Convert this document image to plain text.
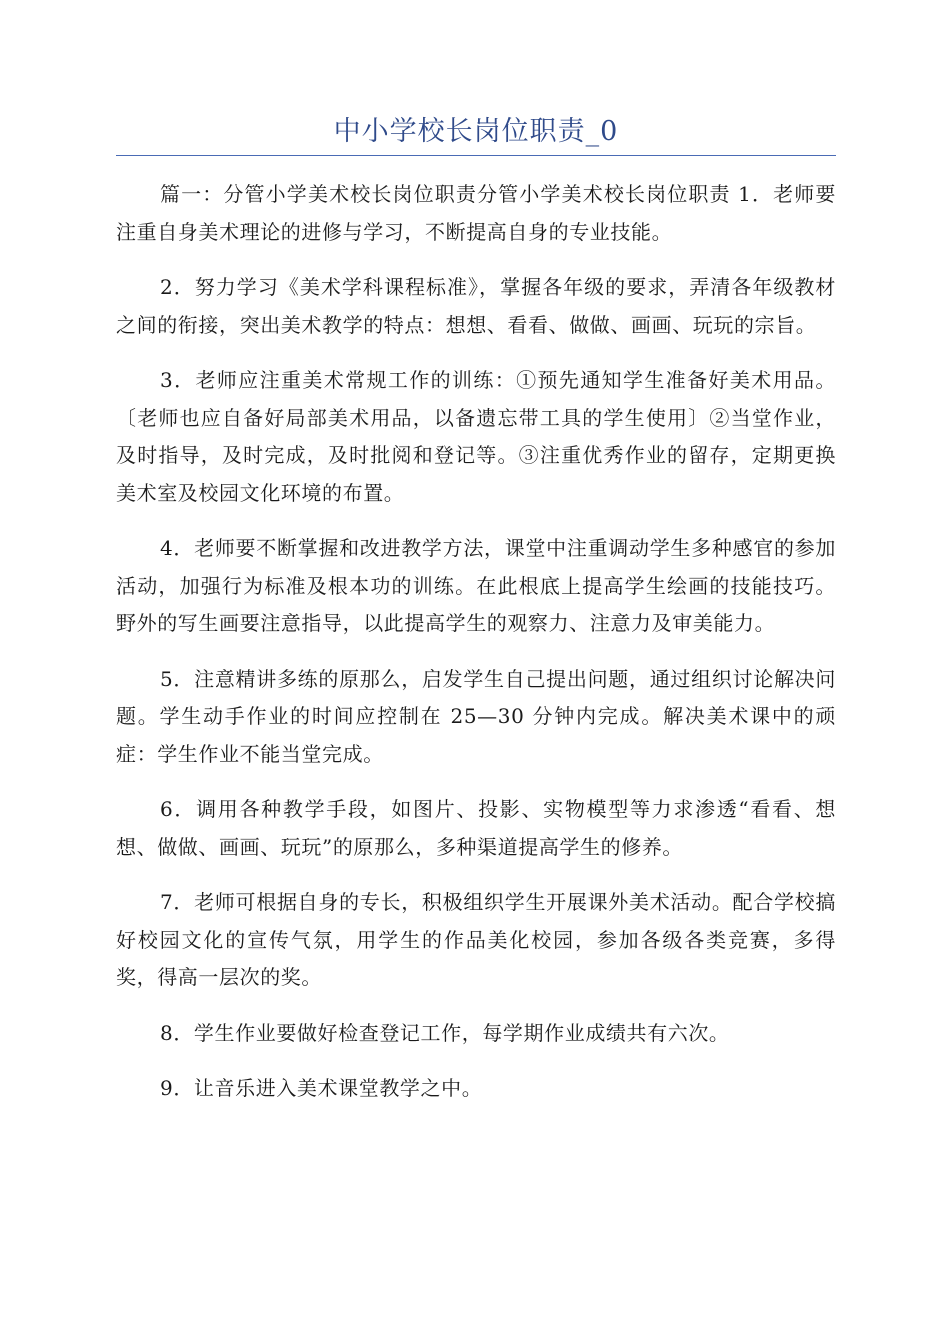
中小学校长岗位职责_0

篇一：分管小学美术校长岗位职责分管小学美术校长岗位职责 1．老师要注重自身美术理论的进修与学习，不断提高自身的专业技能。

2．努力学习《美术学科课程标准》，掌握各年级的要求，弄清各年级教材之间的衔接，突出美术教学的特点：想想、看看、做做、画画、玩玩的宗旨。

3．老师应注重美术常规工作的训练：①预先通知学生准备好美术用品。〔老师也应自备好局部美术用品，以备遗忘带工具的学生使用〕②当堂作业，及时指导，及时完成，及时批阅和登记等。③注重优秀作业的留存，定期更换美术室及校园文化环境的布置。

4．老师要不断掌握和改进教学方法，课堂中注重调动学生多种感官的参加活动，加强行为标准及根本功的训练。在此根底上提高学生绘画的技能技巧。野外的写生画要注意指导，以此提高学生的观察力、注意力及审美能力。

5．注意精讲多练的原那么，启发学生自己提出问题，通过组织讨论解决问题。学生动手作业的时间应控制在 25—30 分钟内完成。解决美术课中的顽症：学生作业不能当堂完成。

6．调用各种教学手段，如图片、投影、实物模型等力求渗透“看看、想想、做做、画画、玩玩”的原那么，多种渠道提高学生的修养。

7．老师可根据自身的专长，积极组织学生开展课外美术活动。配合学校搞好校园文化的宣传气氛，用学生的作品美化校园，参加各级各类竞赛，多得奖，得高一层次的奖。

8．学生作业要做好检查登记工作，每学期作业成绩共有六次。

9．让音乐进入美术课堂教学之中。
